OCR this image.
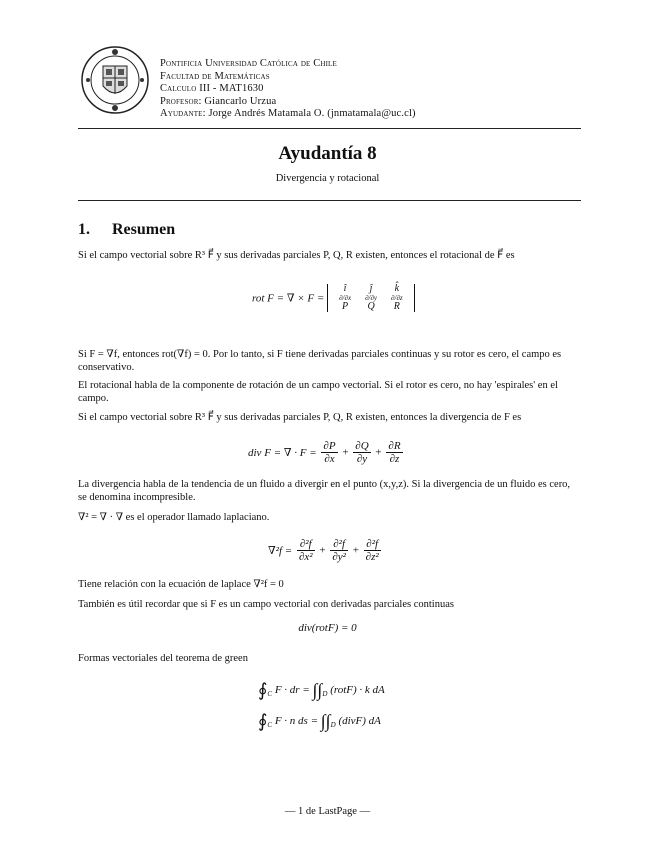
Pontificia Universidad Católica de Chile
Facultad de Matemáticas
Calculo III - MAT1630
Profesor: Giancarlo Urzua
Ayudante: Jorge Andrés Matamala O. (jnmatamala@uc.cl)
Ayudantía 8
Divergencia y rotacional
1. Resumen
Si el campo vectorial sobre R³ F⃗ y sus derivadas parciales P, Q, R existen, entonces el rotacional de F⃗ es
rot F = ∇ × F =
î	ĵ	k̂
∂/∂x	∂/∂y	∂/∂z
P	Q	R
Si F = ∇f, entonces rot(∇f) = 0. Por lo tanto, si F tiene derivadas parciales continuas y su rotor es cero, el campo es conservativo.
El rotacional habla de la componente de rotación de un campo vectorial. Si el rotor es cero, no hay 'espirales' en el campo.
Si el campo vectorial sobre R³ F⃗ y sus derivadas parciales P, Q, R existen, entonces la divergencia de F es
div F = ∇ · $F = \frac{\partial P}{\partial x} + \frac{\partial Q}{\partial y} + \frac{\partial R}{\partial z}$
La divergencia habla de la tendencia de un fluido a divergir en el punto (x,y,z). Si la divergencia de un fluido es cero, se denomina incompresible.
∇² = ∇ · ∇ es el operador llamado laplaciano.
$\nabla^2f = \frac{\text{∂²f}}{\text{∂x²}} + \frac{\text{∂²f}}{\text{∂y²}} + \frac{\text{∂²f}}{\text{∂z²}}$
Tiene relación con la ecuación de laplace ∇²f = 0
También es útil recordar que si F es un campo vectorial con derivadas parciales continuas
div(rotF) = 0
Formas vectoriales del teorema de green
$∮_C$ F · dr = $\int\int_D$ (rotF) · k dA
$∮_C$ F · n ds = $\int\int_D$ (divF) dA
— 1 de LastPage —
